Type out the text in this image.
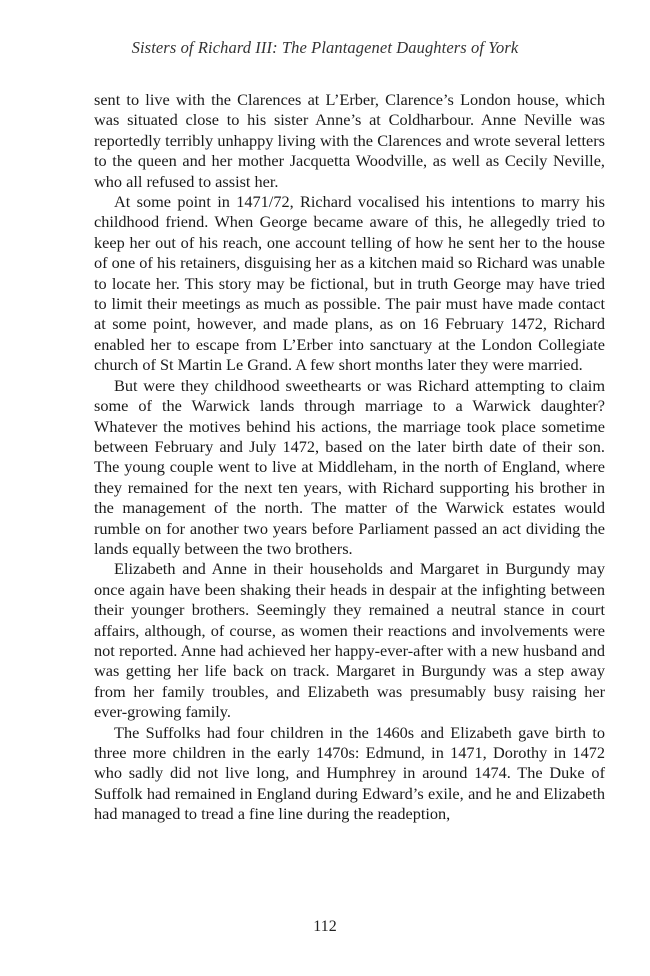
Sisters of Richard III: The Plantagenet Daughters of York

sent to live with the Clarences at L’Erber, Clarence’s London house, which was situated close to his sister Anne’s at Coldharbour. Anne Neville was reportedly terribly unhappy living with the Clarences and wrote several letters to the queen and her mother Jacquetta Woodville, as well as Cecily Neville, who all refused to assist her.

At some point in 1471/72, Richard vocalised his intentions to marry his childhood friend. When George became aware of this, he allegedly tried to keep her out of his reach, one account telling of how he sent her to the house of one of his retainers, disguising her as a kitchen maid so Richard was unable to locate her. This story may be fictional, but in truth George may have tried to limit their meetings as much as possible. The pair must have made contact at some point, however, and made plans, as on 16 February 1472, Richard enabled her to escape from L’Erber into sanctuary at the London Collegiate church of St Martin Le Grand. A few short months later they were married.

But were they childhood sweethearts or was Richard attempting to claim some of the Warwick lands through marriage to a Warwick daughter? Whatever the motives behind his actions, the marriage took place sometime between February and July 1472, based on the later birth date of their son. The young couple went to live at Middleham, in the north of England, where they remained for the next ten years, with Richard supporting his brother in the management of the north. The matter of the Warwick estates would rumble on for another two years before Parliament passed an act dividing the lands equally between the two brothers.

Elizabeth and Anne in their households and Margaret in Burgundy may once again have been shaking their heads in despair at the infighting between their younger brothers. Seemingly they remained a neutral stance in court affairs, although, of course, as women their reactions and involvements were not reported. Anne had achieved her happy-ever-after with a new husband and was getting her life back on track. Margaret in Burgundy was a step away from her family troubles, and Elizabeth was presumably busy raising her ever-growing family.

The Suffolks had four children in the 1460s and Elizabeth gave birth to three more children in the early 1470s: Edmund, in 1471, Dorothy in 1472 who sadly did not live long, and Humphrey in around 1474. The Duke of Suffolk had remained in England during Edward’s exile, and he and Elizabeth had managed to tread a fine line during the readeption,

112
